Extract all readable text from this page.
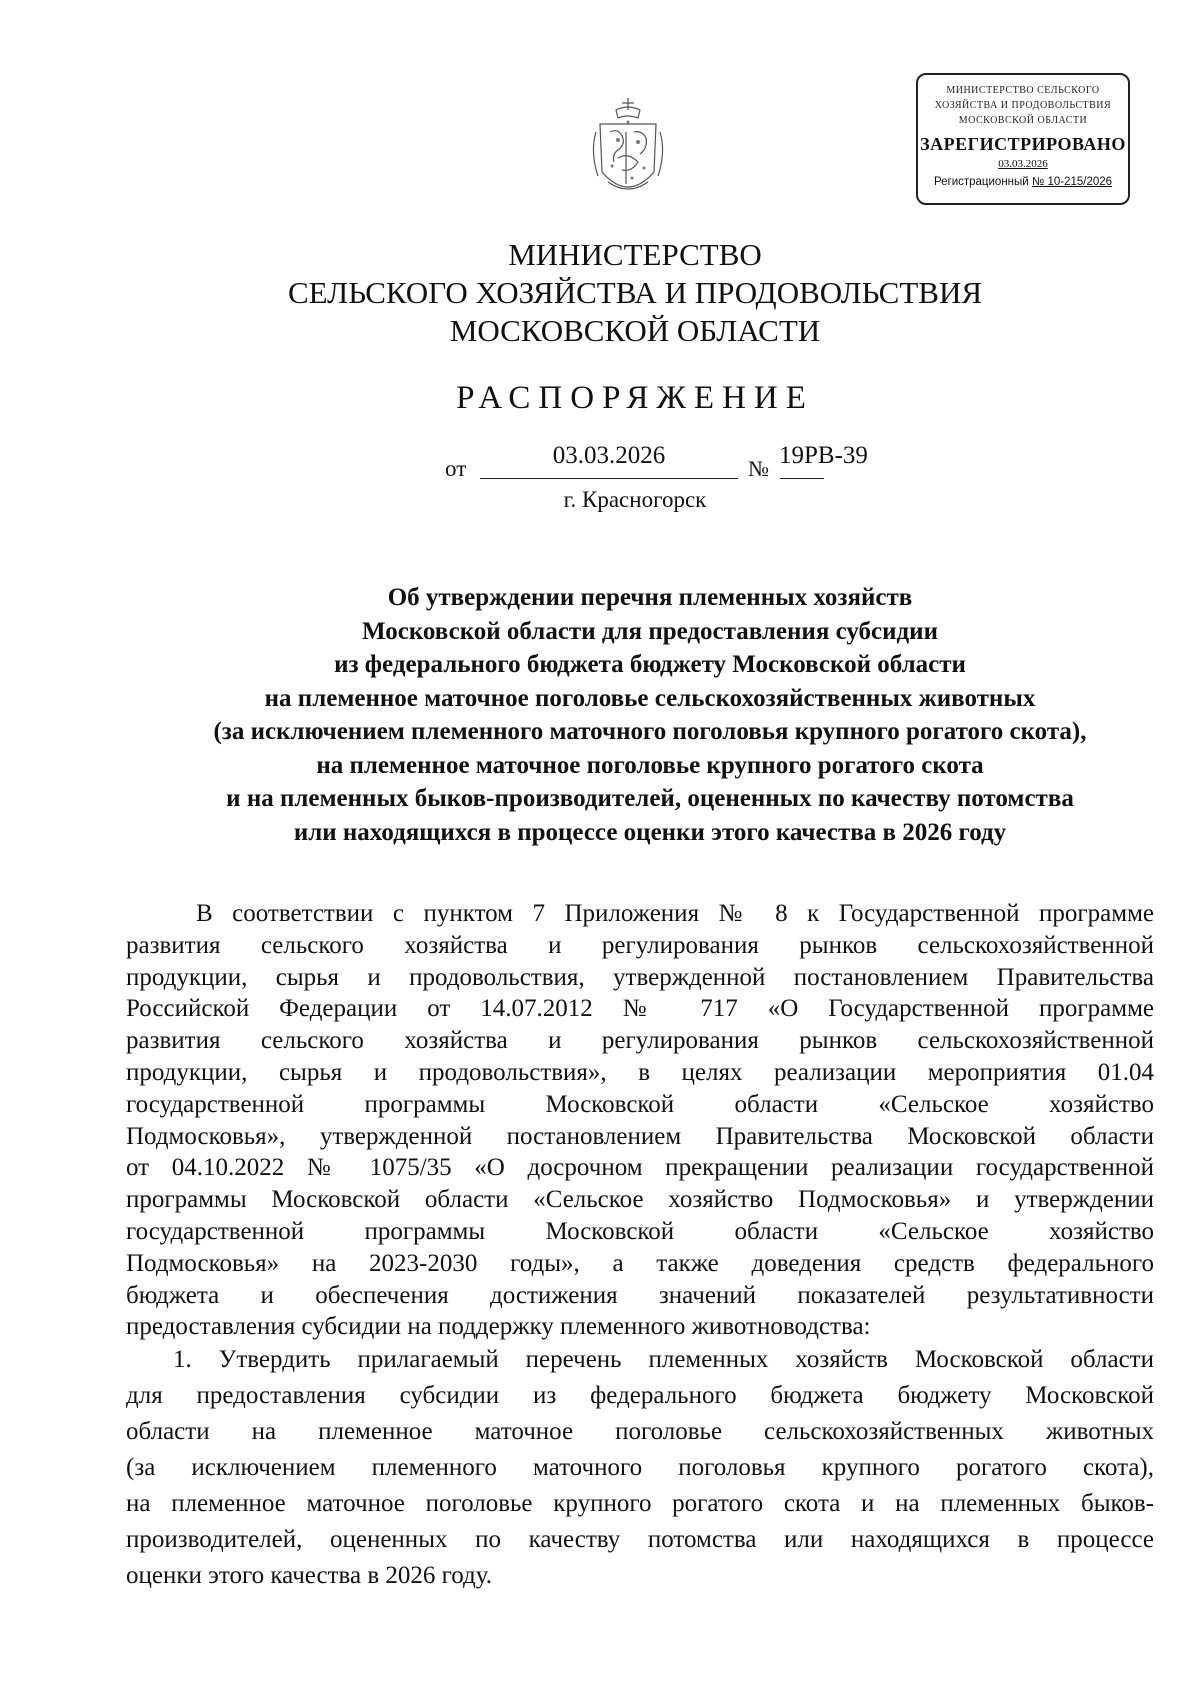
МИНИСТЕРСТВО СЕЛЬСКОГО
ХОЗЯЙСТВА И ПРОДОВОЛЬСТВИЯ
МОСКОВСКОЙ ОБЛАСТИ
ЗАРЕГИСТРИРОВАНО
03.03.2026
Регистрационный № 10-215/2026
МИНИСТЕРСТВО
СЕЛЬСКОГО ХОЗЯЙСТВА И ПРОДОВОЛЬСТВИЯ
МОСКОВСКОЙ ОБЛАСТИ
РАСПОРЯЖЕНИЕ
от	03.03.2026	№ 19РВ-39
г. Красногорск
Об утверждении перечня племенных хозяйств
Московской области для предоставления субсидии
из федерального бюджета бюджету Московской области
на племенное маточное поголовье сельскохозяйственных животных
(за исключением племенного маточного поголовья крупного рогатого скота),
на племенное маточное поголовье крупного рогатого скота
и на племенных быков-производителей, оцененных по качеству потомства
или находящихся в процессе оценки этого качества в 2026 году
В соответствии с пунктом 7 Приложения № 8 к Государственной программе
развития сельского хозяйства и регулирования рынков сельскохозяйственной
продукции, сырья и продовольствия, утвержденной постановлением Правительства
Российской Федерации от 14.07.2012 № 717 «О Государственной программе
развития сельского хозяйства и регулирования рынков сельскохозяйственной
продукции, сырья и продовольствия», в целях реализации мероприятия 01.04
государственной программы Московской области «Сельское хозяйство
Подмосковья», утвержденной постановлением Правительства Московской области
от 04.10.2022 № 1075/35 «О досрочном прекращении реализации государственной
программы Московской области «Сельское хозяйство Подмосковья» и утверждении
государственной программы Московской области «Сельское хозяйство
Подмосковья» на 2023-2030 годы», а также доведения средств федерального
бюджета и обеспечения достижения значений показателей результативности
предоставления субсидии на поддержку племенного животноводства:
1. Утвердить прилагаемый перечень племенных хозяйств Московской области
для предоставления субсидии из федерального бюджета бюджету Московской
области на племенное маточное поголовье сельскохозяйственных животных
(за исключением племенного маточного поголовья крупного рогатого скота),
на племенное маточное поголовье крупного рогатого скота и на племенных быков-
производителей, оцененных по качеству потомства или находящихся в процессе
оценки этого качества в 2026 году.
